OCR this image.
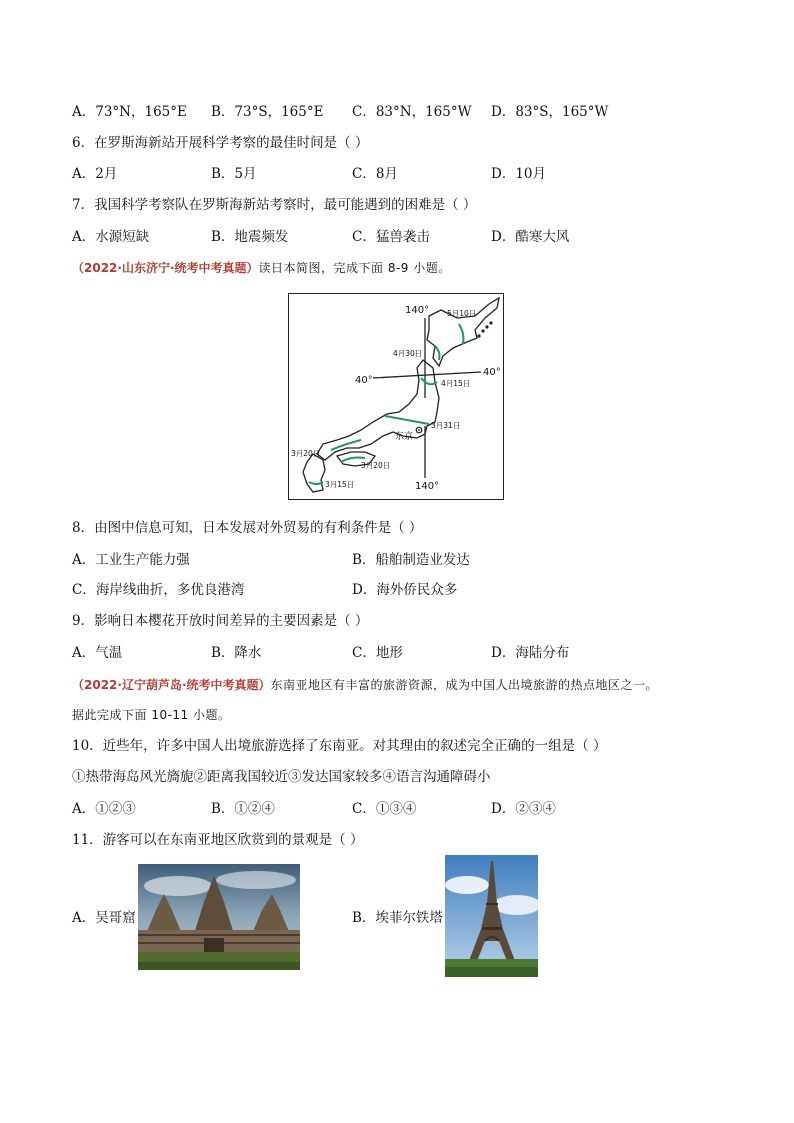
A．73°N，165°E B．73°S，165°E C．83°N，165°W D．83°S，165°W
6．在罗斯海新站开展科学考察的最佳时间是（ ）
A．2月	B．5月	C．8月	D．10月
7．我国科学考察队在罗斯海新站考察时，最可能遇到的困难是（ ）
A．水源短缺	B．地震频发	C．猛兽袭击	D．酷寒大风
（2022·山东济宁·统考中考真题）读日本简图，完成下面 8-9 小题。
140°
140°
40°
40°
5月10日
4月30日
4月15日
3月31日
3月20日
3月20日
3月15日
东京
8．由图中信息可知，日本发展对外贸易的有利条件是（ ）
A．工业生产能力强	B．船舶制造业发达
C．海岸线曲折，多优良港湾	D．海外侨民众多
9．影响日本樱花开放时间差异的主要因素是（ ）
A．气温	B．降水	C．地形	D．海陆分布
（2022·辽宁葫芦岛·统考中考真题）东南亚地区有丰富的旅游资源，成为中国人出境旅游的热点地区之一。
据此完成下面 10-11 小题。
10．近些年，许多中国人出境旅游选择了东南亚。对其理由的叙述完全正确的一组是（ ）
①热带海岛风光旖旎②距离我国较近③发达国家较多④语言沟通障碍小
A．①②③	B．①②④	C．①③④	D．②③④
11．游客可以在东南亚地区欣赏到的景观是（ ）
A．吴哥窟	B．埃菲尔铁塔
